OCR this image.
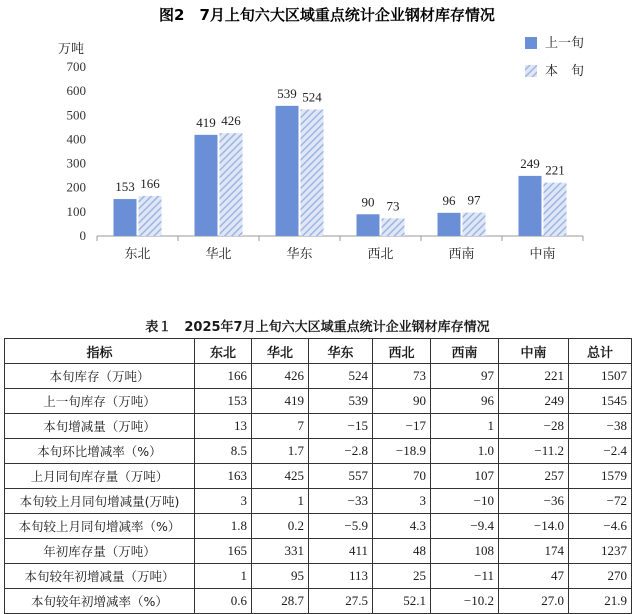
图2　7月上旬六大区域重点统计企业钢材库存情况
万吨
0
100
200
300
400
500
600
700
153 166
419 426
539 524
90 73	96 97
249 221
东北	华北	华东	西北	西南	中南
上一旬
本　旬
表１　2025年7月上旬六大区域重点统计企业钢材库存情况
指标	东北	华北	华东	西北	西南	中南	总计
本旬库存（万吨）	166	426	524	73	97	221	1507
上一旬库存（万吨）	153	419	539	90	96	249	1545
本旬增减量（万吨）	13	7	−15	−17	1	−28	−38
本旬环比增减率（%）	8.5	1.7	−2.8	−18.9	1.0	−11.2	−2.4
上月同旬库存量（万吨）	163	425	557	70	107	257	1579
本旬较上月同旬增减量(万吨)	3	1	−33	3	−10	−36	−72
本旬较上月同旬增减率（%）	1.8	0.2	−5.9	4.3	−9.4	−14.0	−4.6
年初库存量（万吨）	165	331	411	48	108	174	1237
本旬较年初增减量（万吨）	1	95	113	25	−11	47	270
本旬较年初增减率（%）	0.6	28.7	27.5	52.1	−10.2	27.0	21.9
